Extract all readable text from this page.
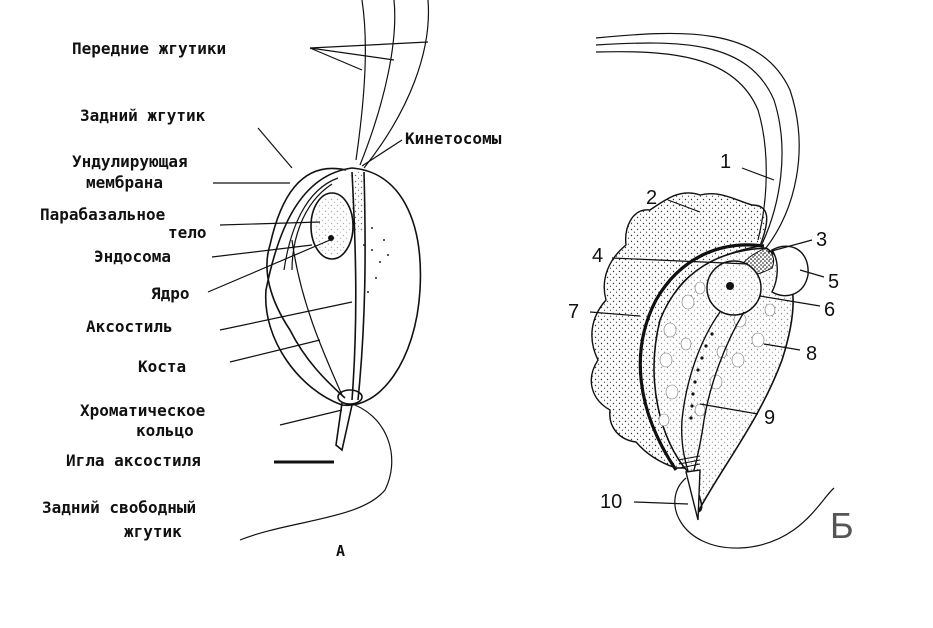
Передние жгутики
Задний жгутик
Ундулирующая
мембрана
Парабазальное
тело
Эндосома
Ядро
Аксостиль
Коста
Хроматическое
кольцо
Игла аксостиля
Задний свободный
жгутик
Кинетосомы
А
1
2
3
4
5
6
7
8
9
10
Б
